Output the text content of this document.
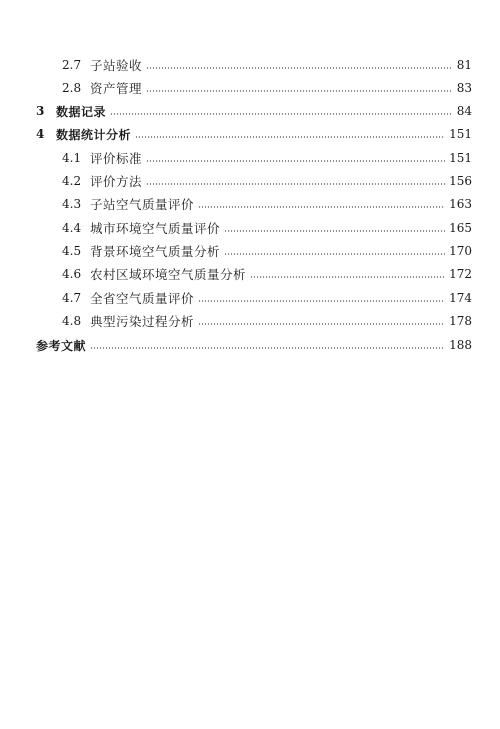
2.7 子站验收	81
2.8 资产管理	83
3 数据记录	84
4 数据统计分析	151
4.1 评价标准	151
4.2 评价方法	156
4.3 子站空气质量评价	163
4.4 城市环境空气质量评价	165
4.5 背景环境空气质量分析	170
4.6 农村区域环境空气质量分析	172
4.7 全省空气质量评价	174
4.8 典型污染过程分析	178
参考文献	188
